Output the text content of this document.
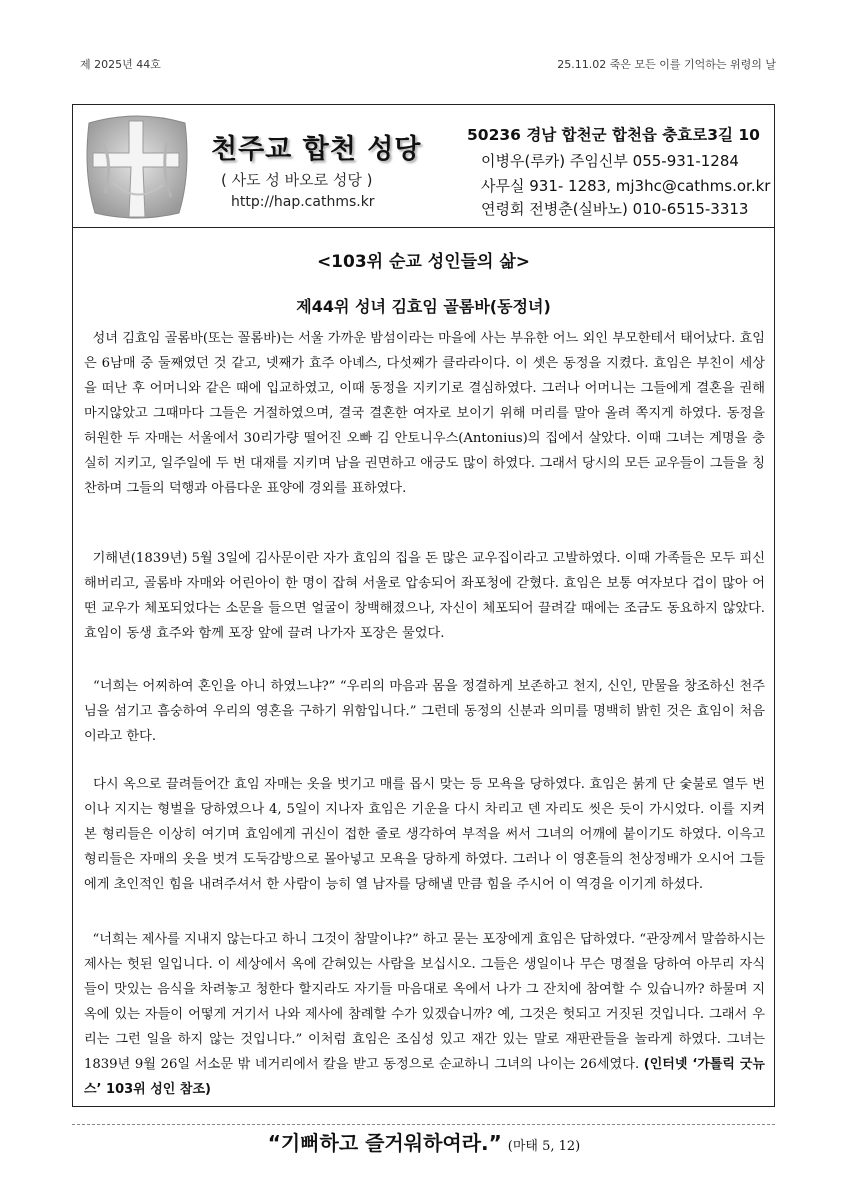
제 2025년 44호	25.11.02 죽은 모든 이를 기억하는 위령의 날
천주교 합천 성당
( 사도 성 바오로 성당 )
http://hap.cathms.kr
50236 경남 합천군 합천읍 충효로3길 10
이병우(루카) 주임신부 055-931-1284
사무실 931- 1283, mj3hc@cathms.or.kr
연령회 전병춘(실바노) 010-6515-3313
<103위 순교 성인들의 삶>
제44위 성녀 김효임 골롬바(동정녀)
성녀 김효임 골롬바(또는 꼴롬바)는 서울 가까운 밤섬이라는 마을에 사는 부유한 어느 외인 부모한테서 태어났다. 효임은 6남매 중 둘째였던 것 같고, 넷째가 효주 아녜스, 다섯째가 클라라이다. 이 셋은 동정을 지켰다. 효임은 부친이 세상을 떠난 후 어머니와 같은 때에 입교하였고, 이때 동정을 지키기로 결심하였다. 그러나 어머니는 그들에게 결혼을 권해 마지않았고 그때마다 그들은 거절하였으며, 결국 결혼한 여자로 보이기 위해 머리를 말아 올려 쪽지게 하였다. 동정을 허원한 두 자매는 서울에서 30리가량 떨어진 오빠 김 안토니우스(Antonius)의 집에서 살았다. 이때 그녀는 계명을 충실히 지키고, 일주일에 두 번 대재를 지키며 남을 권면하고 애긍도 많이 하였다. 그래서 당시의 모든 교우들이 그들을 칭찬하며 그들의 덕행과 아름다운 표양에 경외를 표하였다.
기해년(1839년) 5월 3일에 김사문이란 자가 효임의 집을 돈 많은 교우집이라고 고발하였다. 이때 가족들은 모두 피신해버리고, 골롬바 자매와 어린아이 한 명이 잡혀 서울로 압송되어 좌포청에 갇혔다. 효임은 보통 여자보다 겁이 많아 어떤 교우가 체포되었다는 소문을 들으면 얼굴이 창백해졌으나, 자신이 체포되어 끌려갈 때에는 조금도 동요하지 않았다. 효임이 동생 효주와 함께 포장 앞에 끌려 나가자 포장은 물었다.
“너희는 어찌하여 혼인을 아니 하였느냐?” “우리의 마음과 몸을 정결하게 보존하고 천지, 신인, 만물을 창조하신 천주님을 섬기고 흠숭하여 우리의 영혼을 구하기 위함입니다.” 그런데 동정의 신분과 의미를 명백히 밝힌 것은 효임이 처음이라고 한다.
다시 옥으로 끌려들어간 효임 자매는 옷을 벗기고 매를 몹시 맞는 등 모욕을 당하였다. 효임은 붉게 단 숯불로 열두 번이나 지지는 형벌을 당하였으나 4, 5일이 지나자 효임은 기운을 다시 차리고 덴 자리도 씻은 듯이 가시었다. 이를 지켜 본 형리들은 이상히 여기며 효임에게 귀신이 접한 줄로 생각하여 부적을 써서 그녀의 어깨에 붙이기도 하였다. 이윽고 형리들은 자매의 옷을 벗겨 도둑감방으로 몰아넣고 모욕을 당하게 하였다. 그러나 이 영혼들의 천상정배가 오시어 그들에게 초인적인 힘을 내려주셔서 한 사람이 능히 열 남자를 당해낼 만큼 힘을 주시어 이 역경을 이기게 하셨다.
“너희는 제사를 지내지 않는다고 하니 그것이 참말이냐?” 하고 묻는 포장에게 효임은 답하였다. “관장께서 말씀하시는 제사는 헛된 일입니다. 이 세상에서 옥에 갇혀있는 사람을 보십시오. 그들은 생일이나 무슨 명절을 당하여 아무리 자식들이 맛있는 음식을 차려놓고 청한다 할지라도 자기들 마음대로 옥에서 나가 그 잔치에 참여할 수 있습니까? 하물며 지옥에 있는 자들이 어떻게 거기서 나와 제사에 참례할 수가 있겠습니까? 예, 그것은 헛되고 거짓된 것입니다. 그래서 우리는 그런 일을 하지 않는 것입니다.” 이처럼 효임은 조심성 있고 재간 있는 말로 재판관들을 놀라게 하였다. 그녀는 1839년 9월 26일 서소문 밖 네거리에서 칼을 받고 동정으로 순교하니 그녀의 나이는 26세였다. (인터넷 ‘가톨릭 굿뉴스’ 103위 성인 참조)
“기뻐하고 즐거워하여라.” (마태 5, 12)
